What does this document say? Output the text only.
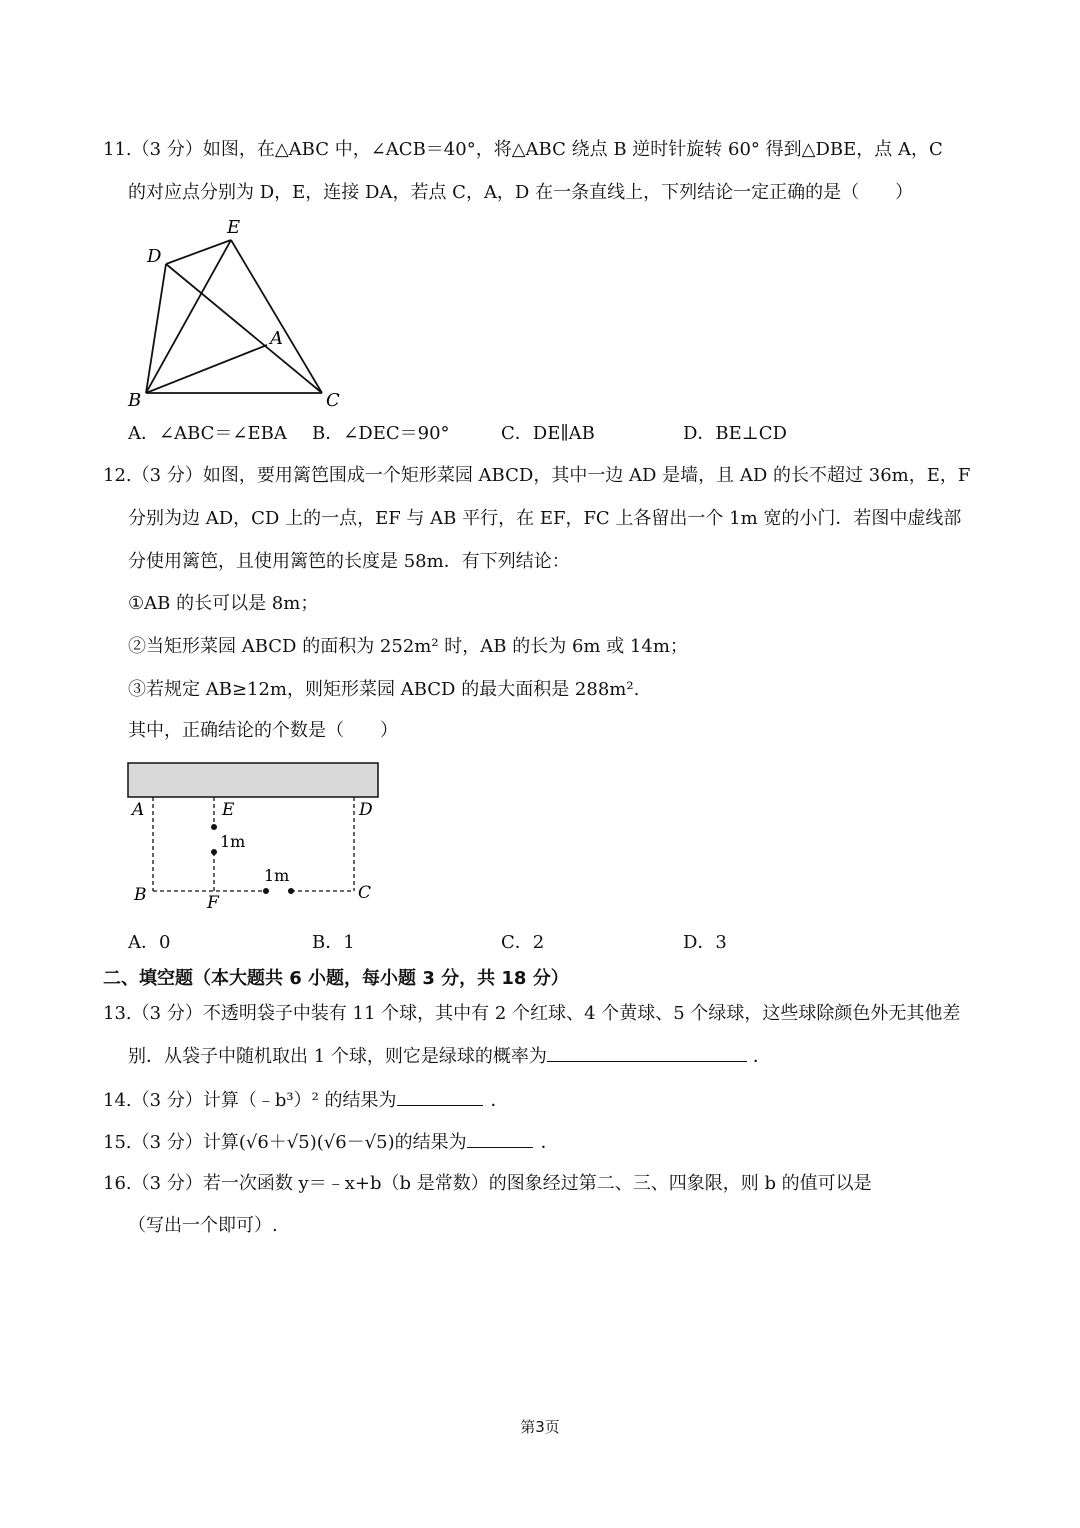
11.（3 分）如图，在△ABC 中，∠ACB＝40°，将△ABC 绕点 B 逆时针旋转 60° 得到△DBE，点 A，C
的对应点分别为 D，E，连接 DA，若点 C，A，D 在一条直线上，下列结论一定正确的是（　　）
E
D
A
B	C
A．∠ABC＝∠EBA B．∠DEC＝90°	C．DE∥AB	D．BE⊥CD
12.（3 分）如图，要用篱笆围成一个矩形菜园 ABCD，其中一边 AD 是墙，且 AD 的长不超过 36m，E，F
分别为边 AD，CD 上的一点，EF 与 AB 平行，在 EF，FC 上各留出一个 1m 宽的小门．若图中虚线部
分使用篱笆，且使用篱笆的长度是 58m．有下列结论：
①AB 的长可以是 8m；
②当矩形菜园 ABCD 的面积为 252m² 时，AB 的长为 6m 或 14m；
③若规定 AB≥12m，则矩形菜园 ABCD 的最大面积是 288m².
其中，正确结论的个数是（　　）
A	E	D
1m
1m
B	F	C
A．0	B．1	C．2	D．3
二、填空题（本大题共 6 小题，每小题 3 分，共 18 分）
13.（3 分）不透明袋子中装有 11 个球，其中有 2 个红球、4 个黄球、5 个绿球，这些球除颜色外无其他差
别．从袋子中随机取出 1 个球，则它是绿球的概率为	．
14.（3 分）计算（﹣b³）² 的结果为	．
15.（3 分）计算(√6＋√5)(√6－√5)的结果为	．
16.（3 分）若一次函数 y＝﹣x+b（b 是常数）的图象经过第二、三、四象限，则 b 的值可以是
（写出一个即可）.
第3页
